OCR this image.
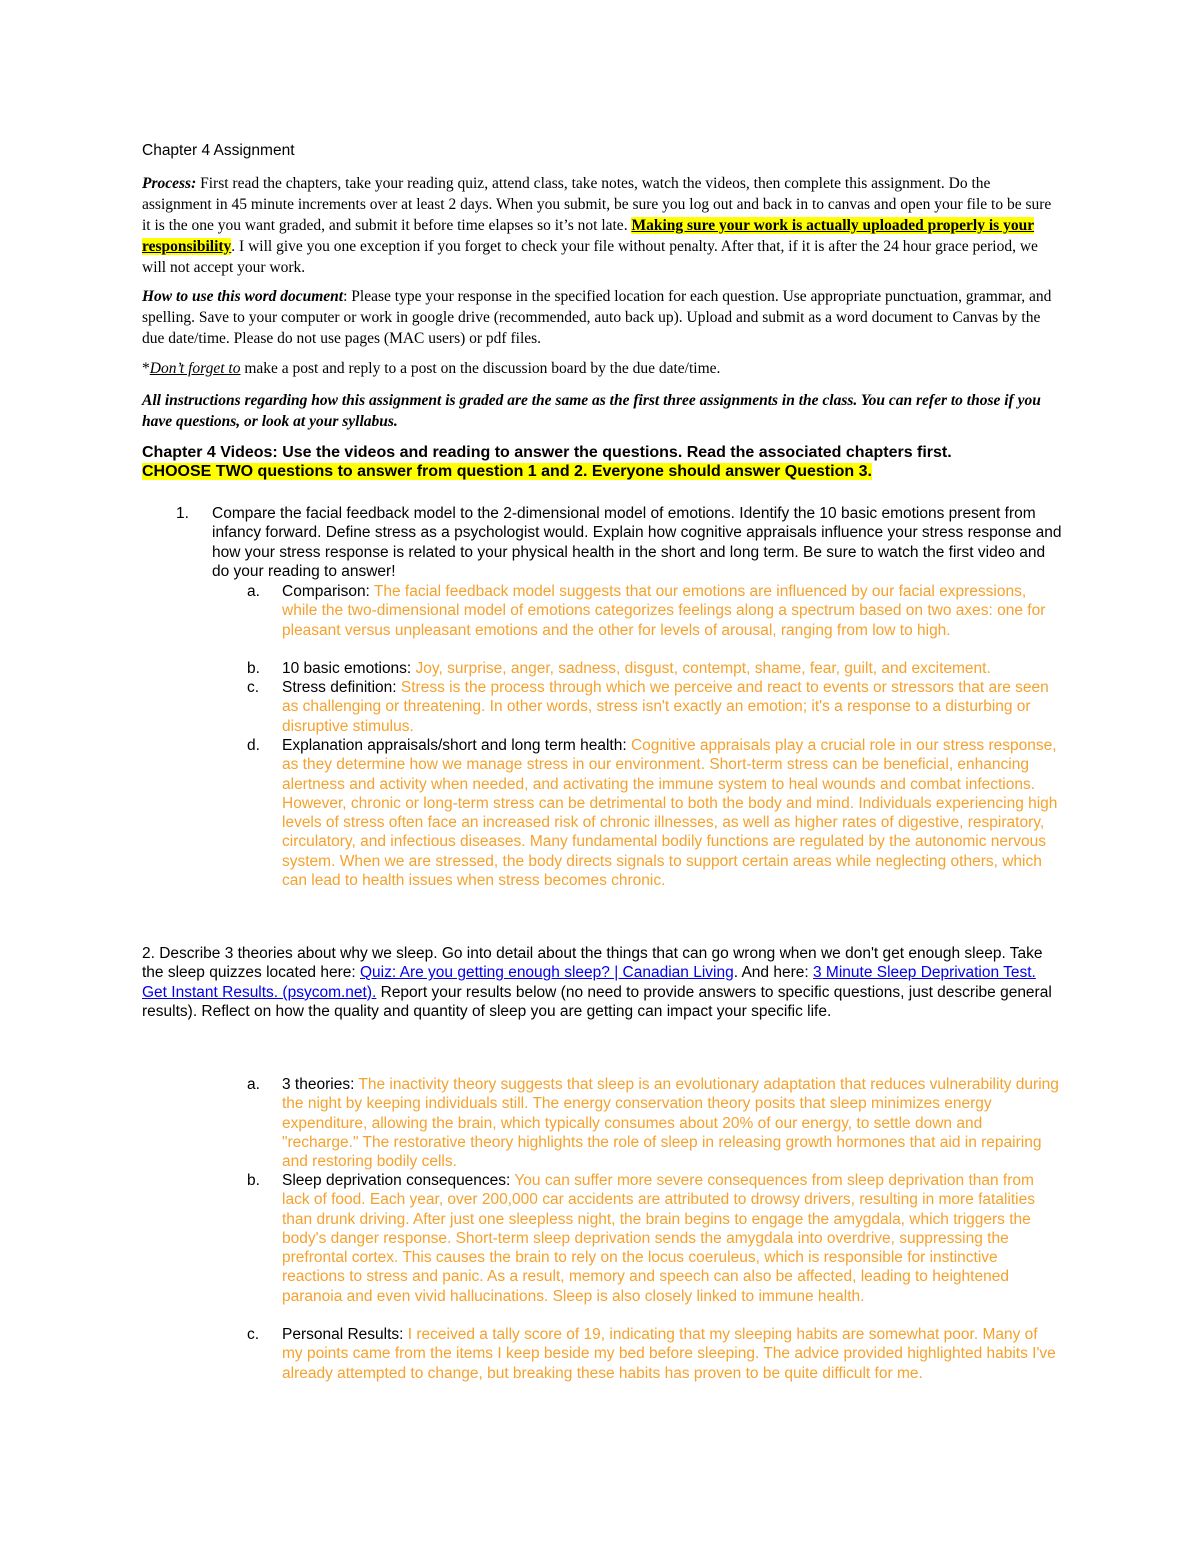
Chapter 4 Assignment

Process: First read the chapters, take your reading quiz, attend class, take notes, watch the videos, then complete this assignment. Do the assignment in 45 minute increments over at least 2 days. When you submit, be sure you log out and back in to canvas and open your file to be sure it is the one you want graded, and submit it before time elapses so it’s not late. Making sure your work is actually uploaded properly is your responsibility. I will give you one exception if you forget to check your file without penalty. After that, if it is after the 24 hour grace period, we will not accept your work.

How to use this word document: Please type your response in the specified location for each question. Use appropriate punctuation, grammar, and spelling. Save to your computer or work in google drive (recommended, auto back up). Upload and submit as a word document to Canvas by the due date/time. Please do not use pages (MAC users) or pdf files.

*Don’t forget to make a post and reply to a post on the discussion board by the due date/time.

All instructions regarding how this assignment is graded are the same as the first three assignments in the class. You can refer to those if you have questions, or look at your syllabus.

Chapter 4 Videos: Use the videos and reading to answer the questions. Read the associated chapters first.
CHOOSE TWO questions to answer from question 1 and 2. Everyone should answer Question 3.
1. Compare the facial feedback model to the 2-dimensional model of emotions. Identify the 10 basic emotions present from infancy forward. Define stress as a psychologist would. Explain how cognitive appraisals influence your stress response and how your stress response is related to your physical health in the short and long term. Be sure to watch the first video and do your reading to answer!
a. Comparison: The facial feedback model suggests that our emotions are influenced by our facial expressions, while the two-dimensional model of emotions categorizes feelings along a spectrum based on two axes: one for pleasant versus unpleasant emotions and the other for levels of arousal, ranging from low to high.
b. 10 basic emotions: Joy, surprise, anger, sadness, disgust, contempt, shame, fear, guilt, and excitement.
c. Stress definition: Stress is the process through which we perceive and react to events or stressors that are seen as challenging or threatening. In other words, stress isn't exactly an emotion; it's a response to a disturbing or disruptive stimulus.
d. Explanation appraisals/short and long term health: Cognitive appraisals play a crucial role in our stress response, as they determine how we manage stress in our environment. Short-term stress can be beneficial, enhancing alertness and activity when needed, and activating the immune system to heal wounds and combat infections. However, chronic or long-term stress can be detrimental to both the body and mind. Individuals experiencing high levels of stress often face an increased risk of chronic illnesses, as well as higher rates of digestive, respiratory, circulatory, and infectious diseases. Many fundamental bodily functions are regulated by the autonomic nervous system. When we are stressed, the body directs signals to support certain areas while neglecting others, which can lead to health issues when stress becomes chronic.
2. Describe 3 theories about why we sleep. Go into detail about the things that can go wrong when we don't get enough sleep. Take the sleep quizzes located here: Quiz: Are you getting enough sleep? | Canadian Living. And here: 3 Minute Sleep Deprivation Test. Get Instant Results. (psycom.net). Report your results below (no need to provide answers to specific questions, just describe general results). Reflect on how the quality and quantity of sleep you are getting can impact your specific life.
a. 3 theories: The inactivity theory suggests that sleep is an evolutionary adaptation that reduces vulnerability during the night by keeping individuals still. The energy conservation theory posits that sleep minimizes energy expenditure, allowing the brain, which typically consumes about 20% of our energy, to settle down and "recharge." The restorative theory highlights the role of sleep in releasing growth hormones that aid in repairing and restoring bodily cells.
b. Sleep deprivation consequences: You can suffer more severe consequences from sleep deprivation than from lack of food. Each year, over 200,000 car accidents are attributed to drowsy drivers, resulting in more fatalities than drunk driving. After just one sleepless night, the brain begins to engage the amygdala, which triggers the body's danger response. Short-term sleep deprivation sends the amygdala into overdrive, suppressing the prefrontal cortex. This causes the brain to rely on the locus coeruleus, which is responsible for instinctive reactions to stress and panic. As a result, memory and speech can also be affected, leading to heightened paranoia and even vivid hallucinations. Sleep is also closely linked to immune health.
c. Personal Results: I received a tally score of 19, indicating that my sleeping habits are somewhat poor. Many of my points came from the items I keep beside my bed before sleeping. The advice provided highlighted habits I've already attempted to change, but breaking these habits has proven to be quite difficult for me.
